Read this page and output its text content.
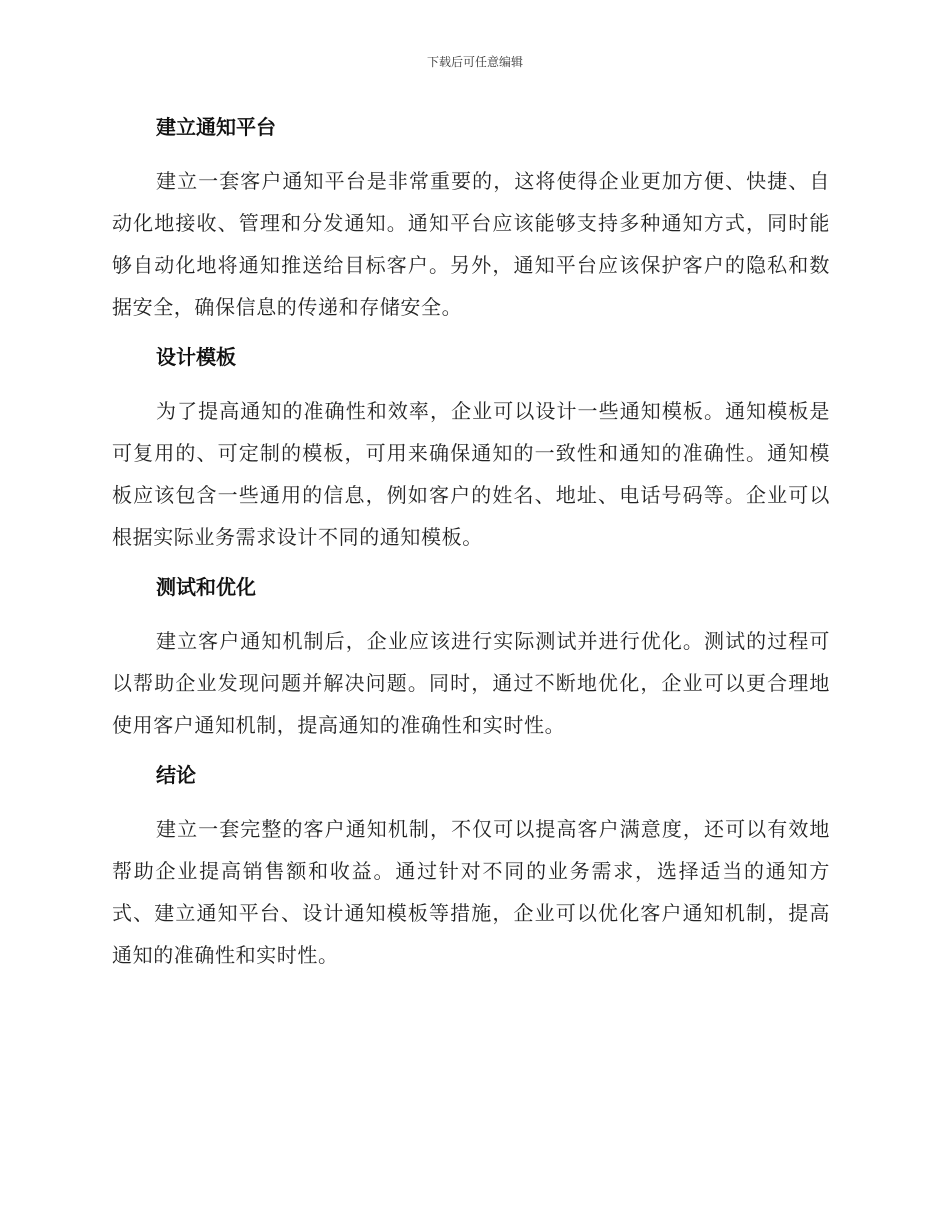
下载后可任意编辑
建立通知平台

建立一套客户通知平台是非常重要的，这将使得企业更加方便、快捷、自动化地接收、管理和分发通知。通知平台应该能够支持多种通知方式，同时能够自动化地将通知推送给目标客户。另外，通知平台应该保护客户的隐私和数据安全，确保信息的传递和存储安全。

设计模板

为了提高通知的准确性和效率，企业可以设计一些通知模板。通知模板是可复用的、可定制的模板，可用来确保通知的一致性和通知的准确性。通知模板应该包含一些通用的信息，例如客户的姓名、地址、电话号码等。企业可以根据实际业务需求设计不同的通知模板。

测试和优化

建立客户通知机制后，企业应该进行实际测试并进行优化。测试的过程可以帮助企业发现问题并解决问题。同时，通过不断地优化，企业可以更合理地使用客户通知机制，提高通知的准确性和实时性。

结论

建立一套完整的客户通知机制，不仅可以提高客户满意度，还可以有效地帮助企业提高销售额和收益。通过针对不同的业务需求，选择适当的通知方式、建立通知平台、设计通知模板等措施，企业可以优化客户通知机制，提高通知的准确性和实时性。
